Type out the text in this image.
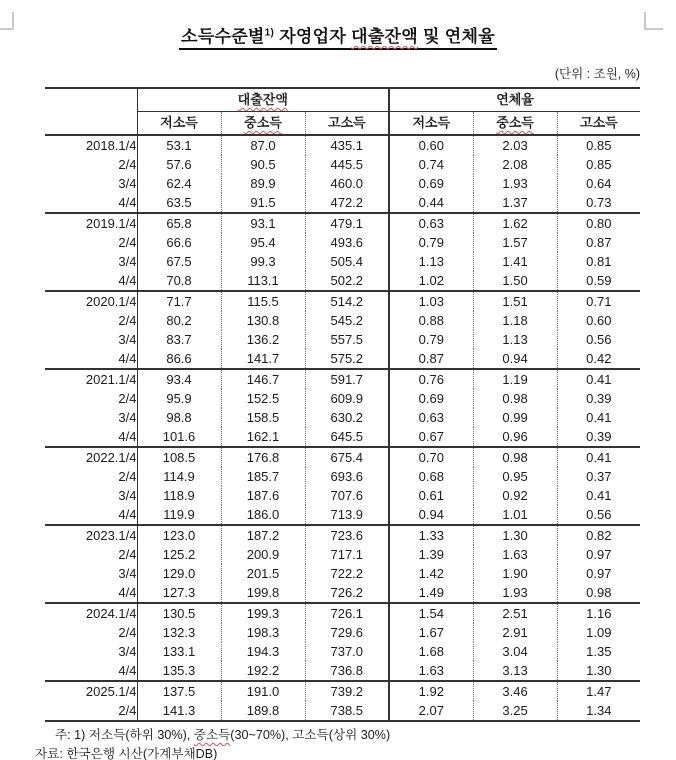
소득수준별$^{1)}$ 자영업자 대출잔액 및 연체율
(단위 : 조원, %)
	대출잔액			연체율		
	저소득	중소득	고소득	저소득	중소득	고소득
2018.1/4	53.1	87.0	435.1	0.60	2.03	0.85
2/4	57.6	90.5	445.5	0.74	2.08	0.85
3/4	62.4	89.9	460.0	0.69	1.93	0.64
4/4	63.5	91.5	472.2	0.44	1.37	0.73
2019.1/4	65.8	93.1	479.1	0.63	1.62	0.80
2/4	66.6	95.4	493.6	0.79	1.57	0.87
3/4	67.5	99.3	505.4	1.13	1.41	0.81
4/4	70.8	113.1	502.2	1.02	1.50	0.59
2020.1/4	71.7	115.5	514.2	1.03	1.51	0.71
2/4	80.2	130.8	545.2	0.88	1.18	0.60
3/4	83.7	136.2	557.5	0.79	1.13	0.56
4/4	86.6	141.7	575.2	0.87	0.94	0.42
2021.1/4	93.4	146.7	591.7	0.76	1.19	0.41
2/4	95.9	152.5	609.9	0.69	0.98	0.39
3/4	98.8	158.5	630.2	0.63	0.99	0.41
4/4	101.6	162.1	645.5	0.67	0.96	0.39
2022.1/4	108.5	176.8	675.4	0.70	0.98	0.41
2/4	114.9	185.7	693.6	0.68	0.95	0.37
3/4	118.9	187.6	707.6	0.61	0.92	0.41
4/4	119.9	186.0	713.9	0.94	1.01	0.56
2023.1/4	123.0	187.2	723.6	1.33	1.30	0.82
2/4	125.2	200.9	717.1	1.39	1.63	0.97
3/4	129.0	201.5	722.2	1.42	1.90	0.97
4/4	127.3	199.8	726.2	1.49	1.93	0.98
2024.1/4	130.5	199.3	726.1	1.54	2.51	1.16
2/4	132.3	198.3	729.6	1.67	2.91	1.09
3/4	133.1	194.3	737.0	1.68	3.04	1.35
4/4	135.3	192.2	736.8	1.63	3.13	1.30
2025.1/4	137.5	191.0	739.2	1.92	3.46	1.47
2/4	141.3	189.8	738.5	2.07	3.25	1.34
주: 1) 저소득(하위 30%), 중소득(30~70%), 고소득(상위 30%)
자료: 한국은행 시산(가계부채DB)
